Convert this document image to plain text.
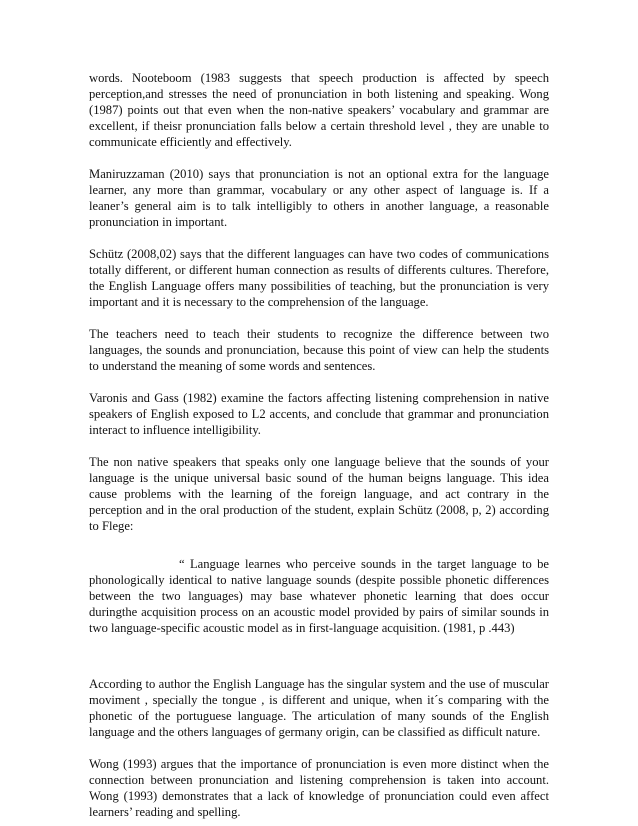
words. Nooteboom (1983 suggests that speech production is affected by speech perception,and stresses the need of pronunciation in both listening and speaking. Wong (1987) points out that even when the non-native speakers’ vocabulary and grammar are excellent, if theisr pronunciation falls below a certain threshold level , they are unable to communicate efficiently and effectively.

Maniruzzaman (2010) says that pronunciation is not an optional extra for the language learner, any more than grammar, vocabulary or any other aspect of language is. If a leaner’s general aim is to talk intelligibly to others in another language, a reasonable pronunciation in important.

Schütz (2008,02) says that the different languages can have two codes of communications totally different, or different human connection as results of differents cultures. Therefore, the English Language offers many possibilities of teaching, but the pronunciation is very important and it is necessary to the comprehension of the language.

The teachers need to teach their students to recognize the difference between two languages, the sounds and pronunciation, because this point of view can help the students to understand the meaning of some words and sentences.

Varonis and Gass (1982) examine the factors affecting listening comprehension in native speakers of English exposed to L2 accents, and conclude that grammar and pronunciation interact to influence intelligibility.

The non native speakers that speaks only one language believe that the sounds of your language is the unique universal basic sound of the human beigns language. This idea cause problems with the learning of the foreign language, and act contrary in the perception and in the oral production of the student, explain Schütz (2008, p, 2) according to Flege:

“ Language learnes who perceive sounds in the target language to be phonologically identical to native language sounds (despite possible phonetic differences between the two languages) may base whatever phonetic learning that does occur duringthe acquisition process on an acoustic model provided by pairs of similar sounds in two language-specific acoustic model as in first-language acquisition. (1981, p .443)

According to author the English Language has the singular system and the use of muscular moviment , specially the tongue , is different and unique, when it´s comparing with the phonetic of the portuguese language. The articulation of many sounds of the English language and the others languages of germany origin, can be classified as difficult nature.

Wong (1993) argues that the importance of pronunciation is even more distinct when the connection between pronunciation and listening comprehension is taken into account. Wong (1993) demonstrates that a lack of knowledge of pronunciation could even affect learners’ reading and spelling.
